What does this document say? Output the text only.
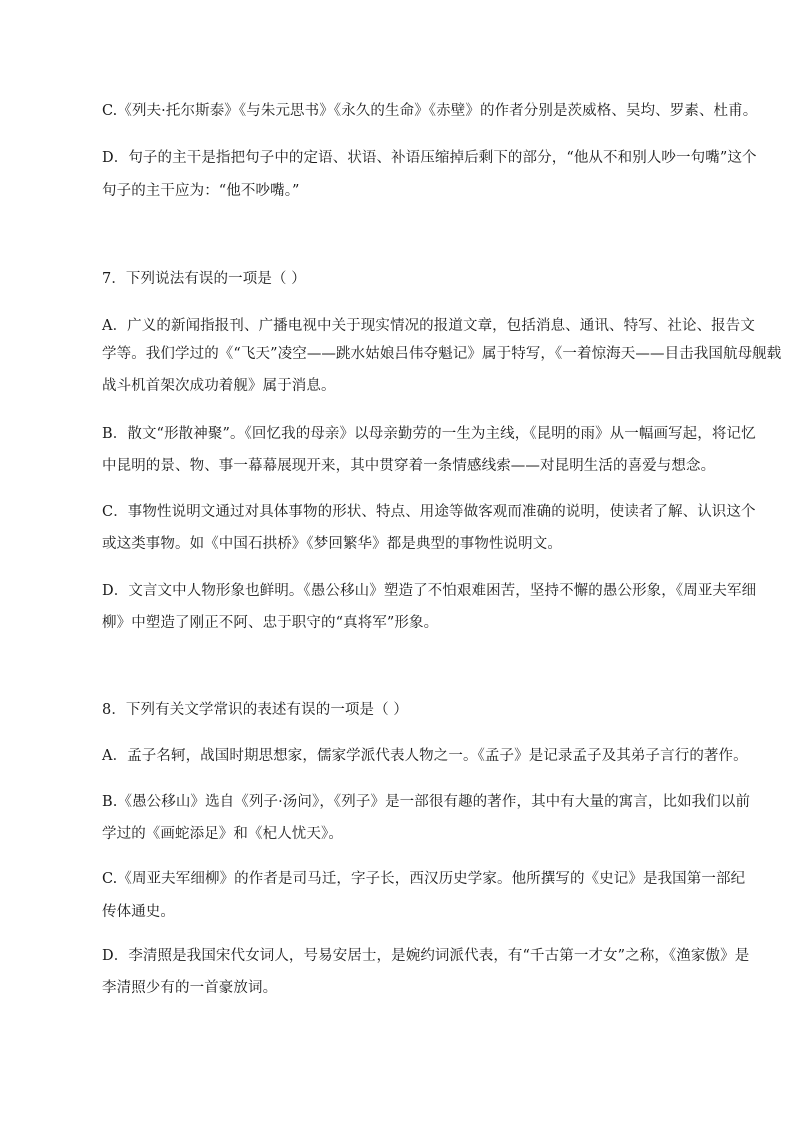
C.《列夫·托尔斯泰》《与朱元思书》《永久的生命》《赤壁》的作者分别是茨威格、吴均、罗素、杜甫。
D．句子的主干是指把句子中的定语、状语、补语压缩掉后剩下的部分，“他从不和别人吵一句嘴”这个
句子的主干应为：“他不吵嘴。”
7．下列说法有误的一项是（ ）
A．广义的新闻指报刊、广播电视中关于现实情况的报道文章，包括消息、通讯、特写、社论、报告文
学等。我们学过的《“飞天”凌空——跳水姑娘吕伟夺魁记》属于特写，《一着惊海天——目击我国航母舰载
战斗机首架次成功着舰》属于消息。
B．散文“形散神聚”。《回忆我的母亲》以母亲勤劳的一生为主线，《昆明的雨》从一幅画写起，将记忆
中昆明的景、物、事一幕幕展现开来，其中贯穿着一条情感线索——对昆明生活的喜爱与想念。
C．事物性说明文通过对具体事物的形状、特点、用途等做客观而准确的说明，使读者了解、认识这个
或这类事物。如《中国石拱桥》《梦回繁华》都是典型的事物性说明文。
D．文言文中人物形象也鲜明。《愚公移山》塑造了不怕艰难困苦，坚持不懈的愚公形象，《周亚夫军细
柳》中塑造了刚正不阿、忠于职守的“真将军”形象。
8．下列有关文学常识的表述有误的一项是（ ）
A．孟子名轲，战国时期思想家，儒家学派代表人物之一。《孟子》是记录孟子及其弟子言行的著作。
B.《愚公移山》选自《列子·汤问》，《列子》是一部很有趣的著作，其中有大量的寓言，比如我们以前
学过的《画蛇添足》和《杞人忧天》。
C.《周亚夫军细柳》的作者是司马迁，字子长，西汉历史学家。他所撰写的《史记》是我国第一部纪
传体通史。
D．李清照是我国宋代女词人，号易安居士，是婉约词派代表，有“千古第一才女”之称，《渔家傲》是
李清照少有的一首豪放词。
